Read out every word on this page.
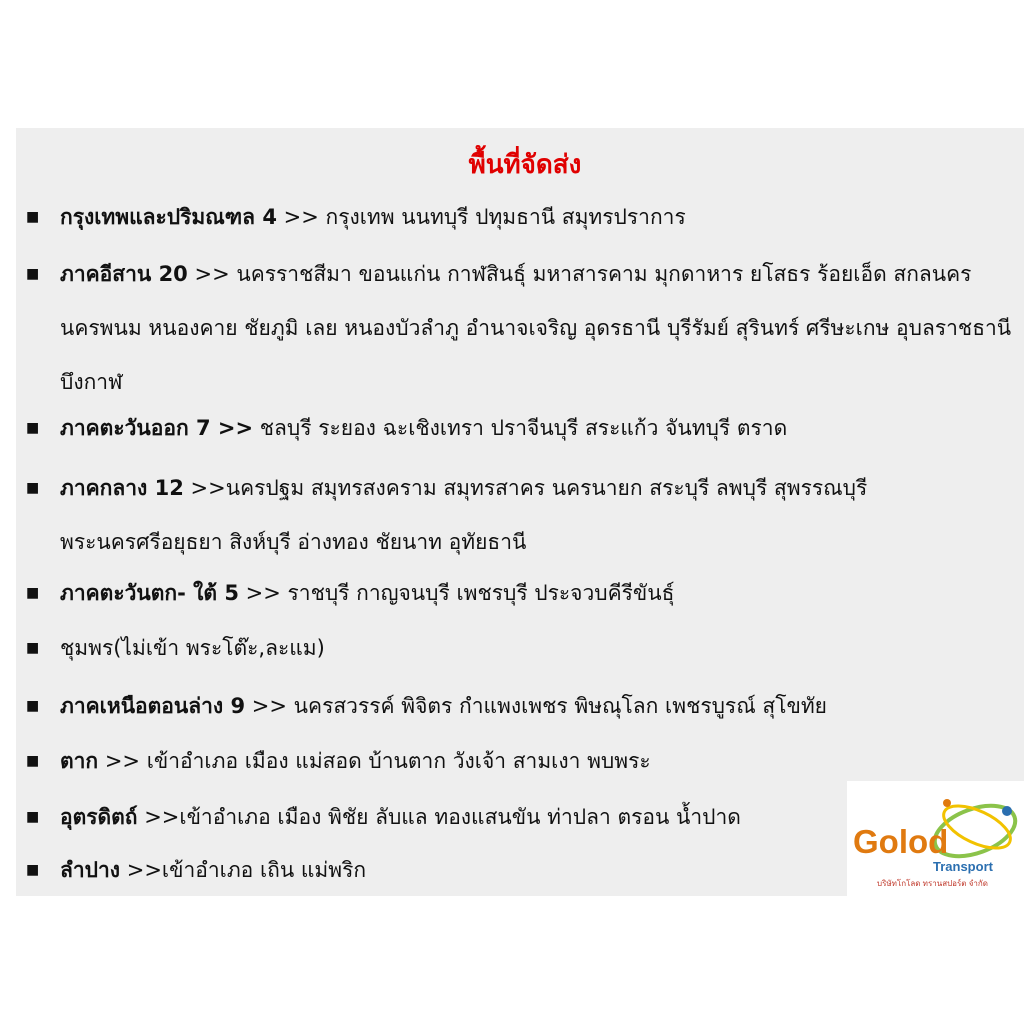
พื้นที่จัดส่ง
■ กรุงเทพและปริมณฑล 4 >> กรุงเทพ นนทบุรี ปทุมธานี สมุทรปราการ
■ ภาคอีสาน 20 >> นครราชสีมา ขอนแก่น กาฬสินธุ์ มหาสารคาม มุกดาหาร ยโสธร ร้อยเอ็ด สกลนคร นครพนม หนองคาย ชัยภูมิ เลย หนองบัวลำภู อำนาจเจริญ อุดรธานี บุรีรัมย์ สุรินทร์ ศรีษะเกษ อุบลราชธานี บึงกาฬ
■ ภาคตะวันออก 7 >> ชลบุรี ระยอง ฉะเชิงเทรา ปราจีนบุรี สระแก้ว จันทบุรี ตราด
■ ภาคกลาง 12 >>นครปฐม สมุทรสงคราม สมุทรสาคร นครนายก สระบุรี ลพบุรี สุพรรณบุรี พระนครศรีอยุธยา สิงห์บุรี อ่างทอง ชัยนาท อุทัยธานี
■ ภาคตะวันตก- ใต้ 5 >> ราชบุรี กาญจนบุรี เพชรบุรี ประจวบคีรีขันธุ์
■ ชุมพร(ไม่เข้า พระโต๊ะ,ละแม)
■ ภาคเหนือตอนล่าง 9 >> นครสวรรค์ พิจิตร กำแพงเพชร พิษณุโลก เพชรบูรณ์ สุโขทัย
■ ตาก >> เข้าอำเภอ เมือง แม่สอด บ้านตาก วังเจ้า สามเงา พบพระ
■ อุตรดิตถ์ >>เข้าอำเภอ เมือง พิชัย ลับแล ทองแสนขัน ท่าปลา ตรอน น้ำปาด
■ ลำปาง >>เข้าอำเภอ เถิน แม่พริก
Golod
Transport
บริษัทโกโลด ทรานสปอร์ต จำกัด
